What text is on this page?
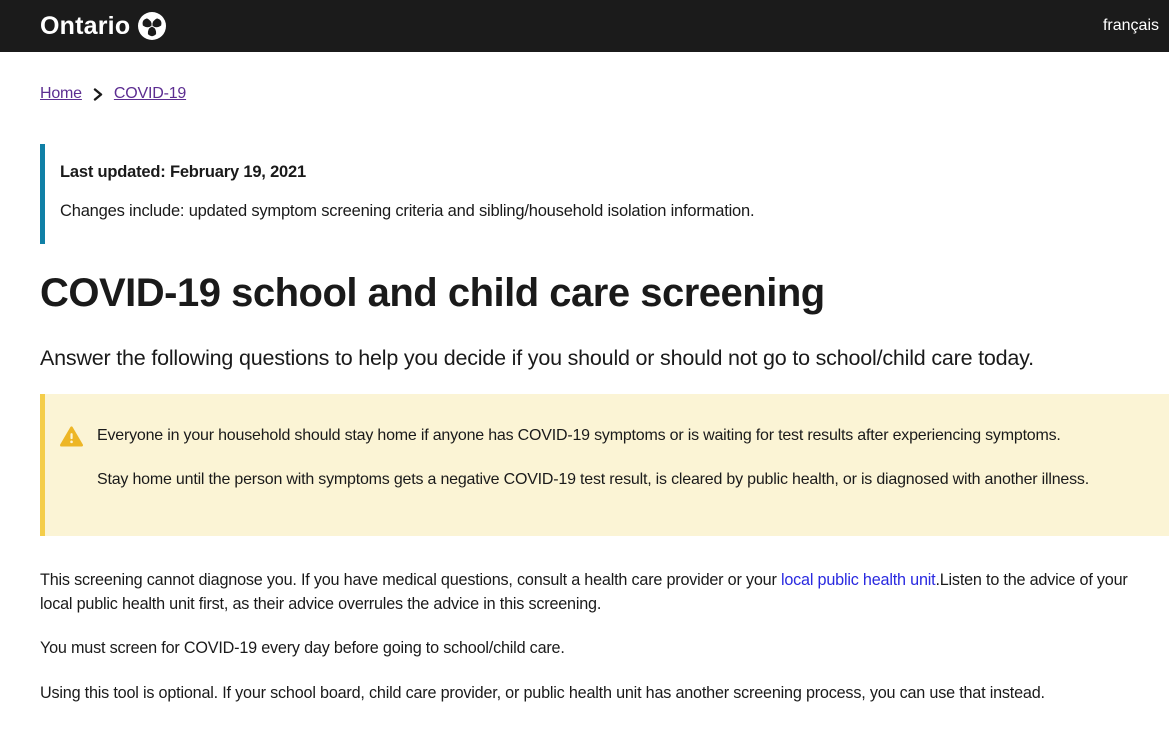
Ontario	français
Home COVID-19

Last updated: February 19, 2021

Changes include: updated symptom screening criteria and sibling/household isolation information.

COVID-19 school and child care screening

Answer the following questions to help you decide if you should or should not go to school/child care today.

Everyone in your household should stay home if anyone has COVID-19 symptoms or is waiting for test results after experiencing symptoms.

Stay home until the person with symptoms gets a negative COVID-19 test result, is cleared by public health, or is diagnosed with another illness.

This screening cannot diagnose you. If you have medical questions, consult a health care provider or your local public health unit.Listen to the advice of your local public health unit first, as their advice overrules the advice in this screening.

You must screen for COVID-19 every day before going to school/child care.

Using this tool is optional. If your school board, child care provider, or public health unit has another screening process, you can use that instead.
